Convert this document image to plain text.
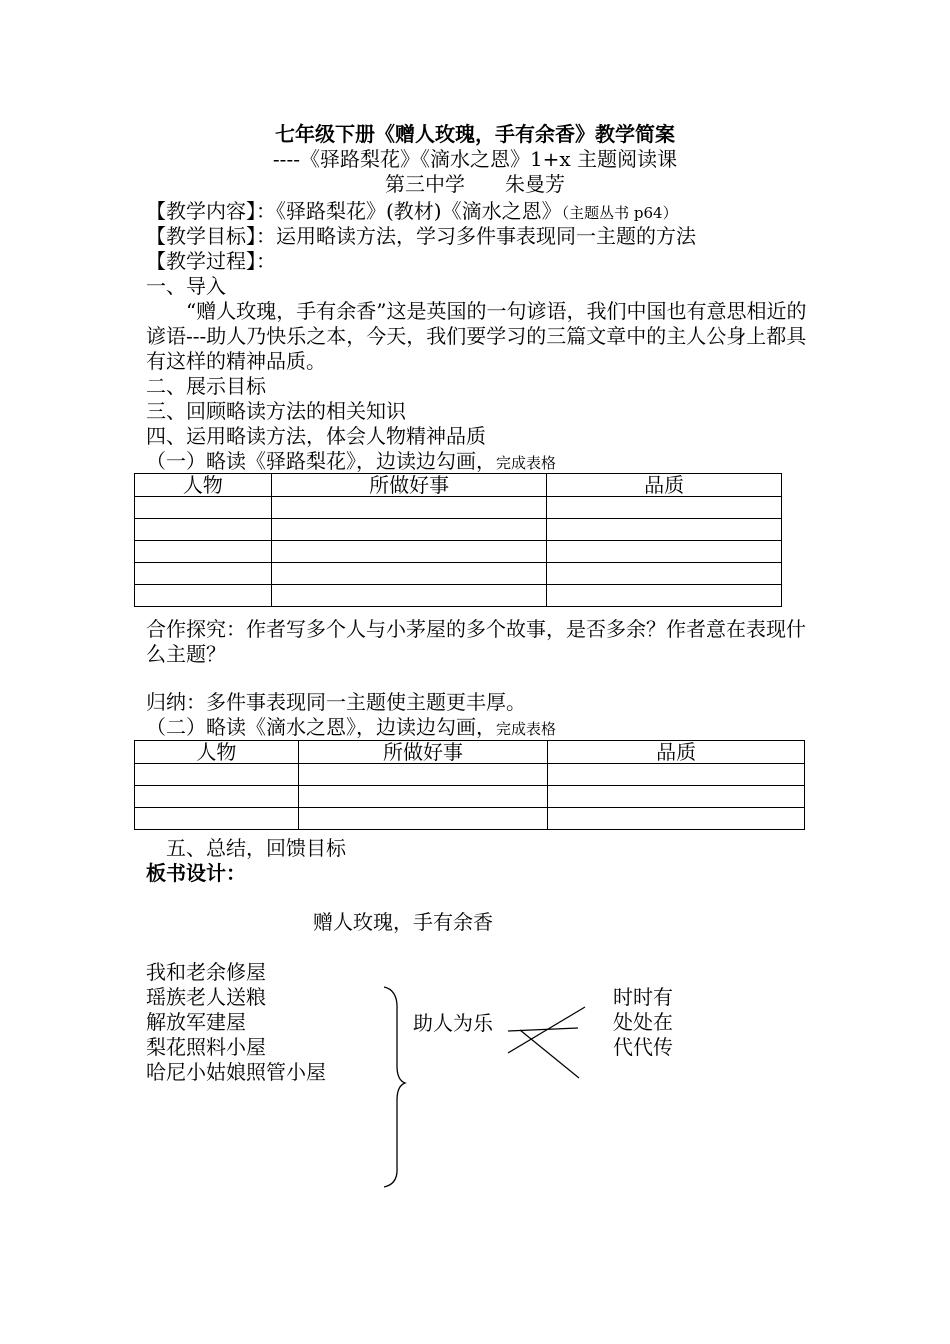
七年级下册《赠人玫瑰，手有余香》教学简案
----《驿路梨花》《滴水之恩》1+x 主题阅读课
第三中学　　朱曼芳
【教学内容】：《驿路梨花》(教材)《滴水之恩》（主题丛书 p64）
【教学目标】：运用略读方法，学习多件事表现同一主题的方法
【教学过程】：
一、导入
　　“赠人玫瑰，手有余香”这是英国的一句谚语，我们中国也有意思相近的谚语---助人乃快乐之本，今天，我们要学习的三篇文章中的主人公身上都具有这样的精神品质。
二、展示目标
三、回顾略读方法的相关知识
四、运用略读方法，体会人物精神品质
（一）略读《驿路梨花》，边读边勾画，完成表格
人物	所做好事	品质

合作探究：作者写多个人与小茅屋的多个故事，是否多余？作者意在表现什么主题？
归纳：多件事表现同一主题使主题更丰厚。
（二）略读《滴水之恩》，边读边勾画，完成表格
人物	所做好事	品质

　五、总结，回馈目标
板书设计：
赠人玫瑰，手有余香
我和老余修屋
瑶族老人送粮
解放军建屋
梨花照料小屋
哈尼小姑娘照管小屋
助人为乐
时时有
处处在
代代传
